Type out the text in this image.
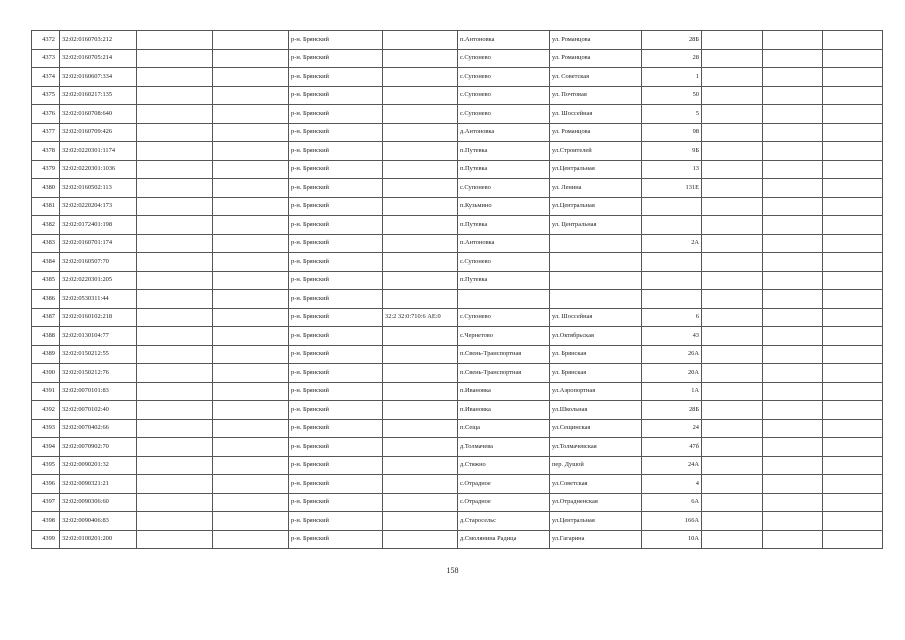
4372	32:02:0160703:212			р-н. Брянский		п.Антоновка	ул. Романцова	28Б			
4373	32:02:0160705:214			р-н. Брянский		с.Супонево	ул. Романцова	28			
4374	32:02:0160607:334			р-н. Брянский		с.Супонево	ул. Советская	1			
4375	32:02:0160217:135			р-н. Брянский		с.Супонево	ул. Почтовая	50			
4376	32:02:0160708:640			р-н. Брянский		с.Супонево	ул. Шоссейная	5			
4377	32:02:0160709:426			р-н. Брянский		д.Антоновка	ул. Романцова	98			
4378	32:02:0220301:1174			р-н. Брянский		п.Путевка	ул.Строителей	9Б			
4379	32:02:0220301:1036			р-н. Брянский		п.Путевка	ул.Центральная	13			
4380	32:02:0160502:113			р-н. Брянский		с.Супонево	ул. Ленина	131Е			
4381	32:02:0220204:173			р-н. Брянский		п.Кузьмино	ул.Центральная				
4382	32:02:0172401:198			р-н. Брянский		п.Путевка	ул. Центральная				
4383	32:02:0160701:174			р-н. Брянский		п.Антоновка		2А			
4384	32:02:0160507:70			р-н. Брянский		с.Супонево					
4385	32:02:0220301:205			р-н. Брянский		п.Путевка					
4386	32:02:0530311:44			р-н. Брянский							
4387	32:02:0160102:218			р-н. Брянский	32:2 32:0:710:6 АЕ:0	с.Супонево	ул. Шоссейная	6			
4388	32:02:0130104:77			р-н. Брянский		с.Чернетово	ул.Октябрьская	43			
4389	32:02:0150212:55			р-н. Брянский		п.Свень-Транспортная	ул. Брянская	26А			
4390	32:02:0150212:76			р-н. Брянский		п.Свень-Транспортная	ул. Брянская	20А			
4391	32:02:0070101:83			р-н. Брянский		п.Ивановка	ул.Аэропортная	1А			
4392	32:02:0070102:40			р-н. Брянский		п.Ивановка	ул.Школьная	28Б			
4393	32:02:0070402:66			р-н. Брянский		п.Сеща	ул.Сещинская	24			
4394	32:02:0070902:70			р-н. Брянский		д.Толмачева	ул.Толмачевская	47б			
4395	32:02:0090201:32			р-н. Брянский		д.Стяжно	пер. Душой	24А			
4396	32:02:0090321:21			р-н. Брянский		с.Отрадное	ул.Советская	4			
4397	32:02:0090306:60			р-н. Брянский		с.Отрадное	ул.Отрадненская	6А			
4398	32:02:0090406:83			р-н. Брянский		д.Старосельс	ул.Центральная	166А			
4399	32:02:0100201:200			р-н. Брянский		д.Смолянина Радица	ул.Гагарина	10А			
158
